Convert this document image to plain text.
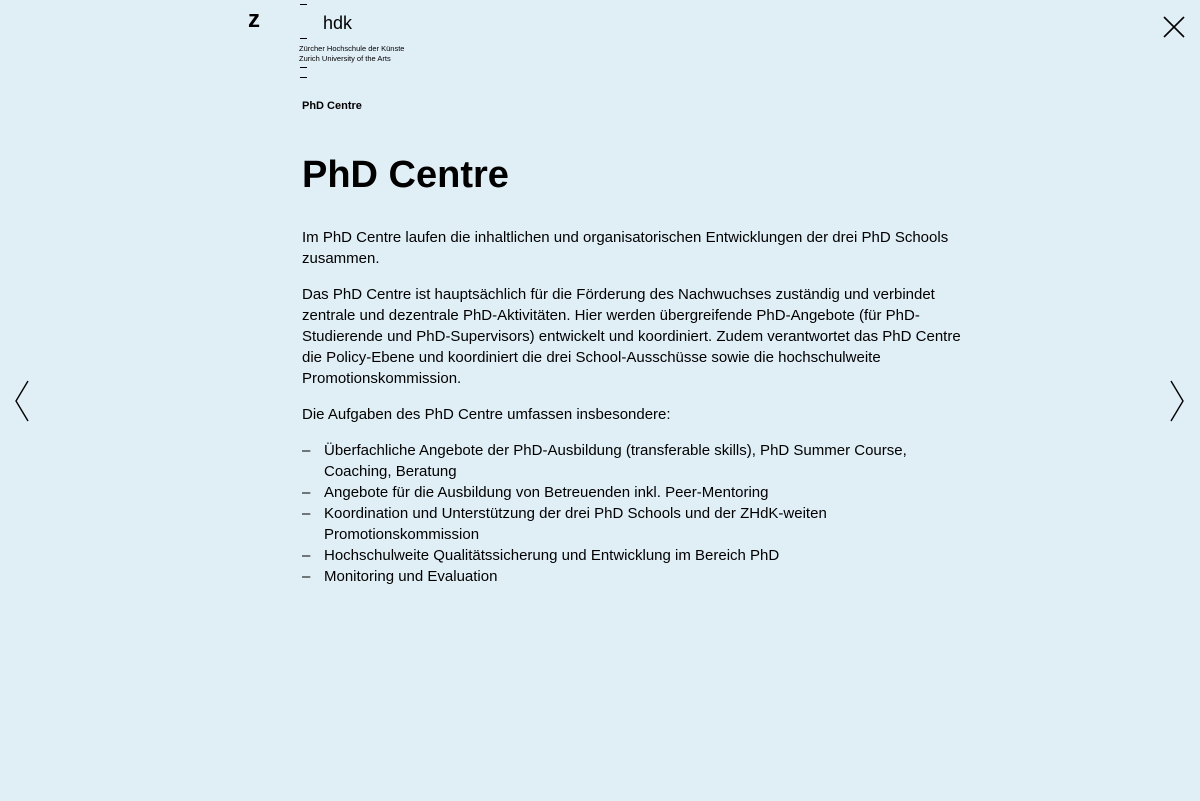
z	hdk
Zürcher Hochschule der Künste
Zurich University of the Arts
PhD Centre
PhD Centre

Im PhD Centre laufen die inhaltlichen und organisatorischen Entwicklungen der drei PhD Schools zusammen.

Das PhD Centre ist hauptsächlich für die Förderung des Nachwuchses zuständig und verbindet zentrale und dezentrale PhD-Aktivitäten. Hier werden übergreifende PhD-Angebote (für PhD-Studierende und PhD-Supervisors) entwickelt und koordiniert. Zudem verantwortet das PhD Centre die Policy-Ebene und koordiniert die drei School-Ausschüsse sowie die hochschulweite Promotionskommission.

Die Aufgaben des PhD Centre umfassen insbesondere:

– Überfachliche Angebote der PhD-Ausbildung (transferable skills), PhD Summer Course, Coaching, Beratung
– Angebote für die Ausbildung von Betreuenden inkl. Peer-Mentoring
– Koordination und Unterstützung der drei PhD Schools und der ZHdK-weiten Promotionskommission
– Hochschulweite Qualitätssicherung und Entwicklung im Bereich PhD
– Monitoring und Evaluation
